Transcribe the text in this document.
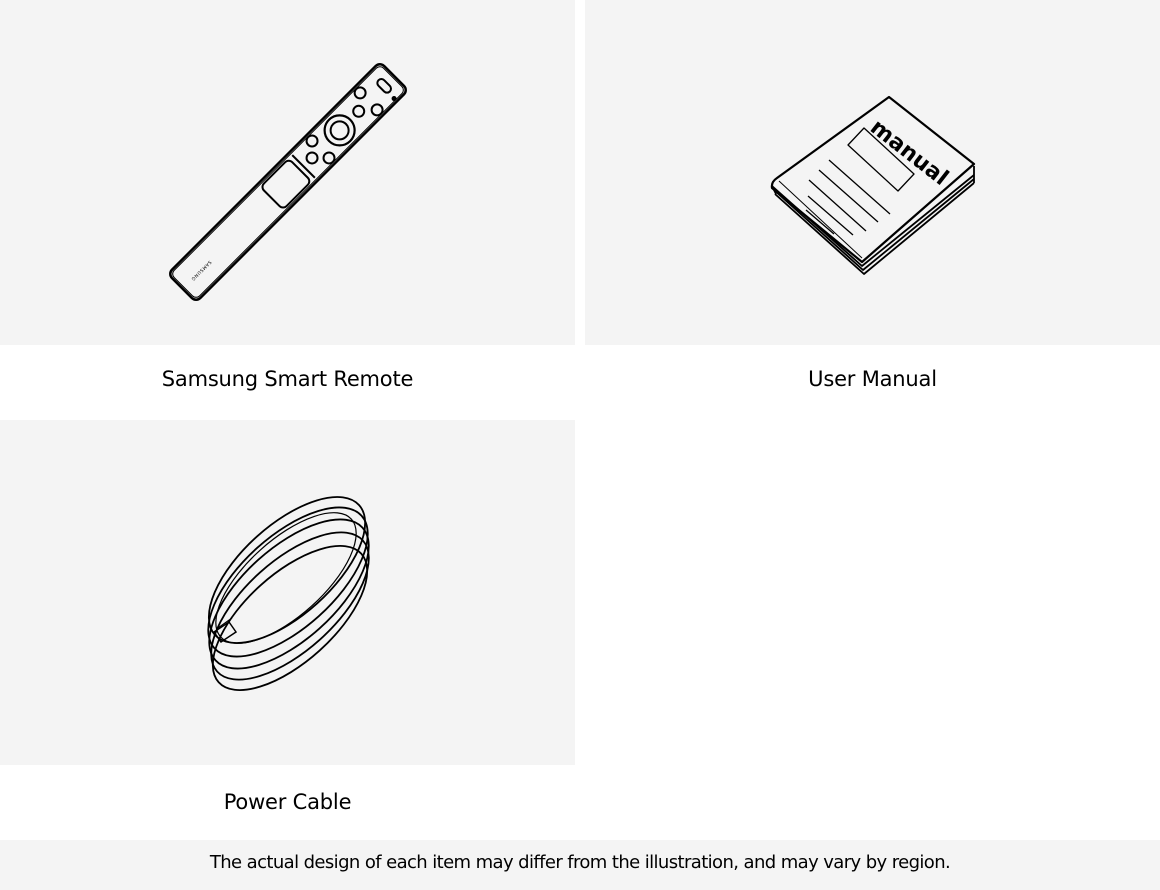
SAMSUNG
Samsung Smart Remote
manual
User Manual
Power Cable
The actual design of each item may differ from the illustration, and may vary by region.
